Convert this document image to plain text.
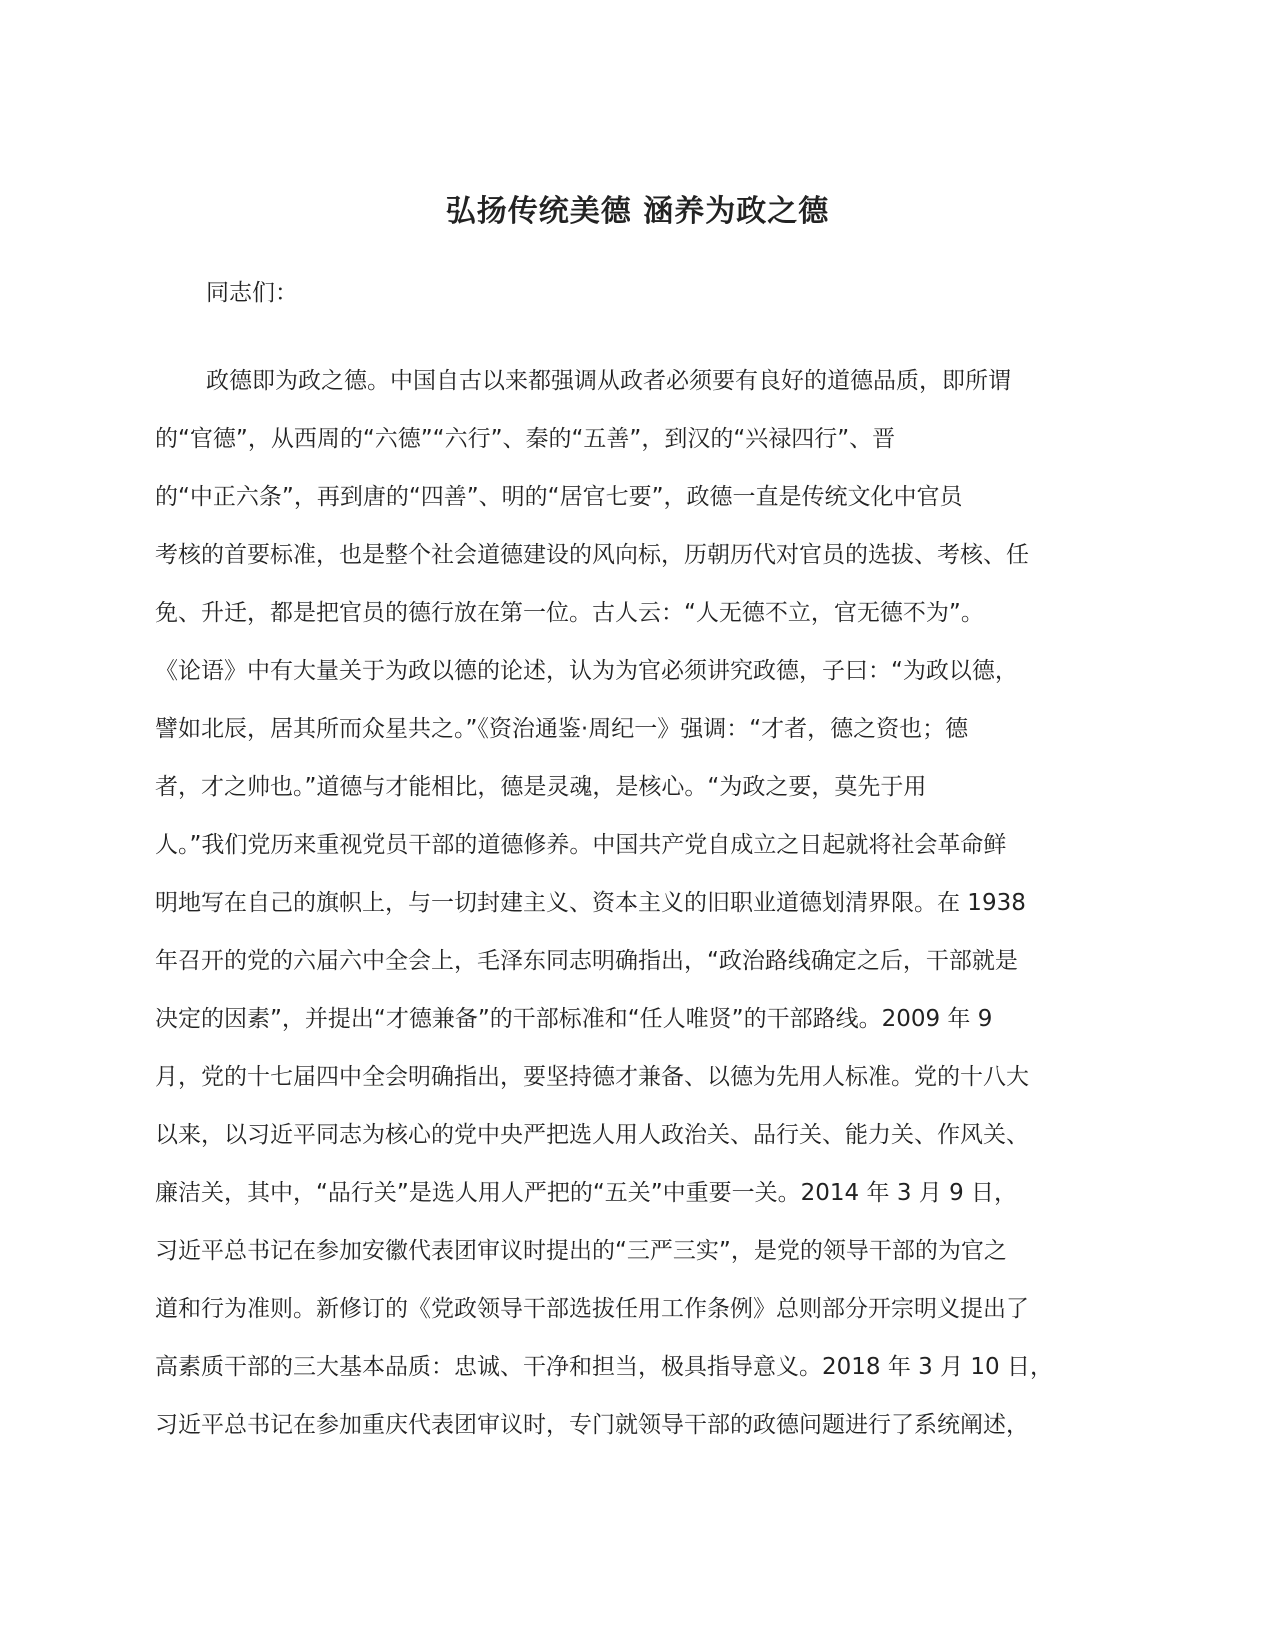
弘扬传统美德 涵养为政之德
同志们：
政德即为政之德。中国自古以来都强调从政者必须要有良好的道德品质，即所谓
的“官德”，从西周的“六德”“六行”、秦的“五善”，到汉的“兴禄四行”、晋
的“中正六条”，再到唐的“四善”、明的“居官七要”，政德一直是传统文化中官员
考核的首要标准，也是整个社会道德建设的风向标，历朝历代对官员的选拔、考核、任
免、升迁，都是把官员的德行放在第一位。古人云：“人无德不立，官无德不为”。
《论语》中有大量关于为政以德的论述，认为为官必须讲究政德，子曰：“为政以德，
譬如北辰，居其所而众星共之。”《资治通鉴·周纪一》强调：“才者，德之资也；德
者，才之帅也。”道德与才能相比，德是灵魂，是核心。“为政之要，莫先于用
人。”我们党历来重视党员干部的道德修养。中国共产党自成立之日起就将社会革命鲜
明地写在自己的旗帜上，与一切封建主义、资本主义的旧职业道德划清界限。在 1938
年召开的党的六届六中全会上，毛泽东同志明确指出，“政治路线确定之后，干部就是
决定的因素”，并提出“才德兼备”的干部标准和“任人唯贤”的干部路线。2009 年 9
月，党的十七届四中全会明确指出，要坚持德才兼备、以德为先用人标准。党的十八大
以来，以习近平同志为核心的党中央严把选人用人政治关、品行关、能力关、作风关、
廉洁关，其中，“品行关”是选人用人严把的“五关”中重要一关。2014 年 3 月 9 日，
习近平总书记在参加安徽代表团审议时提出的“三严三实”，是党的领导干部的为官之
道和行为准则。新修订的《党政领导干部选拔任用工作条例》总则部分开宗明义提出了
高素质干部的三大基本品质：忠诚、干净和担当，极具指导意义。2018 年 3 月 10 日，
习近平总书记在参加重庆代表团审议时，专门就领导干部的政德问题进行了系统阐述，
